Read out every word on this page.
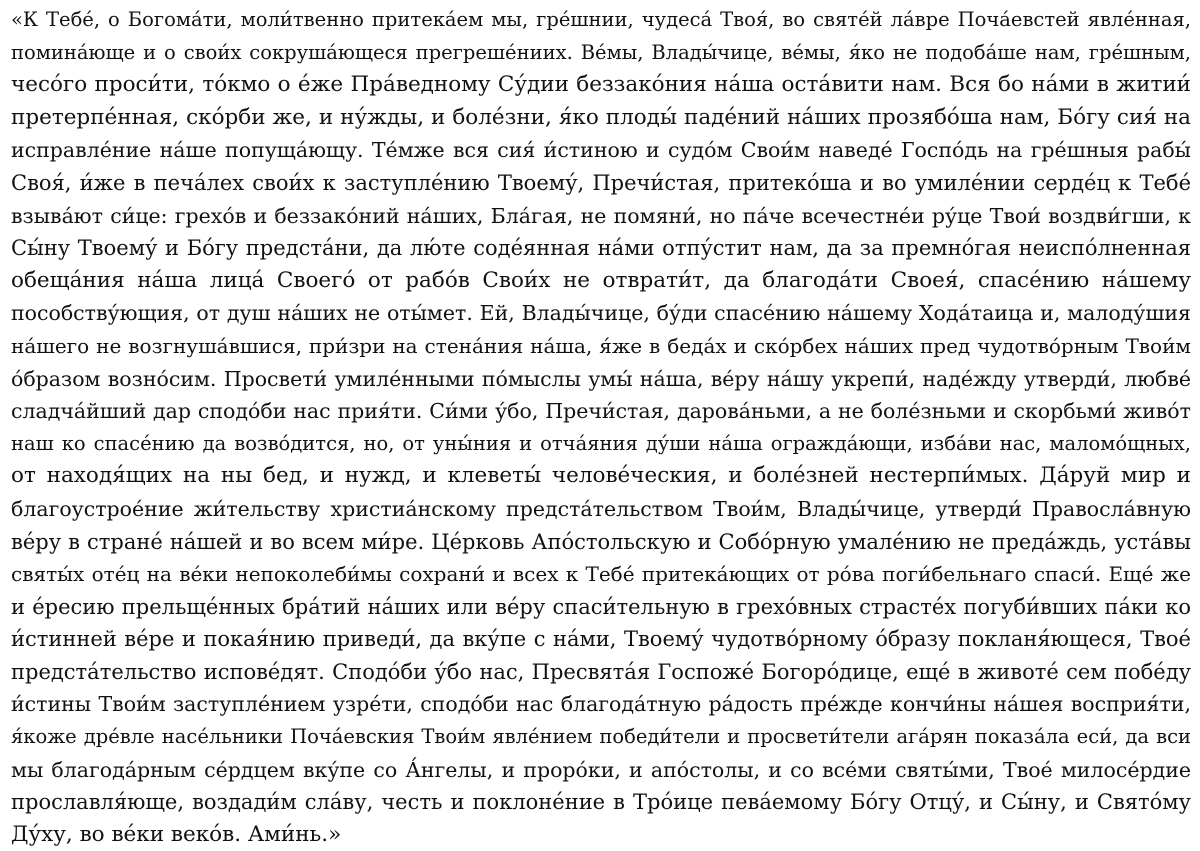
«К Тебе́, о Богома́ти, моли́твенно притека́ем мы, гре́шнии, чудеса́ Твоя́, во святе́й ла́вре Поча́евстей явле́нная,
помина́юще и о свои́х сокруша́ющеся прегреше́ниих. Ве́мы, Влады́чице, ве́мы, я́ко не подоба́ше нам, гре́шным,
чесо́го проси́ти, то́кмо о е́же Пра́ведному Су́дии беззако́ния на́ша оста́вити нам. Вся бо на́ми в житии́
претерпе́нная, ско́рби же, и ну́жды, и боле́зни, я́ко плоды́ паде́ний на́ших прозябо́ша нам, Бо́гу сия́ на
исправле́ние на́ше попуща́ющу. Те́мже вся сия́ и́стиною и судо́м Свои́м наведе́ Госпо́дь на гре́шныя рабы́
Своя́, и́же в печа́лех свои́х к заступле́нию Твоему́, Пречи́стая, притеко́ша и во умиле́нии серде́ц к Тебе́
взыва́ют си́це: грехо́в и беззако́ний на́ших, Бла́гая, не помяни́, но па́че всечестне́и ру́це Твои́ воздви́гши, к
Сы́ну Твоему́ и Бо́гу предста́ни, да лю́те соде́янная на́ми отпу́стит нам, да за премно́гая неиспо́лненная
обеща́ния на́ша лица́ Своего́ от рабо́в Свои́х не отврати́т, да благода́ти Своея́, спасе́нию на́шему
пособству́ющия, от душ на́ших не оты́мет. Ей, Влады́чице, бу́ди спасе́нию на́шему Хода́таица и, малоду́шия
на́шего не возгнуша́вшися, при́зри на стена́ния на́ша, я́же в беда́х и ско́рбех на́ших пред чудотво́рным Твои́м
о́бразом возно́сим. Просвети́ умиле́нными по́мыслы умы́ на́ша, ве́ру на́шу укрепи́, наде́жду утверди́, любве́
сладча́йший дар сподо́би нас прия́ти. Си́ми у́бо, Пречи́стая, дарова́ньми, а не боле́зньми и скорбьми́ живо́т
наш ко спасе́нию да возво́дится, но, от уны́ния и отча́яния ду́ши на́ша огражда́ющи, изба́ви нас, маломо́щных,
от находя́щих на ны бед, и нужд, и клеветы́ челове́ческия, и боле́зней нестерпи́мых. Да́руй мир и
благоустрое́ние жи́тельству христиа́нскому предста́тельством Твои́м, Влады́чице, утверди́ Правосла́вную
ве́ру в стране́ на́шей и во всем ми́ре. Це́рковь Апо́стольскую и Собо́рную умале́нию не преда́ждь, уста́вы
святы́х оте́ц на ве́ки непоколеби́мы сохрани́ и всех к Тебе́ притека́ющих от ро́ва поги́бельнаго спаси́. Еще́ же
и е́ресию прельще́нных бра́тий на́ших или ве́ру спаси́тельную в грехо́вных страсте́х погуби́вших па́ки ко
и́стинней ве́ре и покая́нию приведи́, да вку́пе с на́ми, Твоему́ чудотво́рному о́бразу покланя́ющеся, Твое́
предста́тельство испове́дят. Сподо́би у́бо нас, Пресвята́я Госпоже́ Богоро́дице, еще́ в животе́ сем побе́ду
и́стины Твои́м заступле́нием узре́ти, сподо́би нас благода́тную ра́дость пре́жде кончи́ны на́шея восприя́ти,
я́коже дре́вле насе́льники Поча́евския Твои́м явле́нием победи́тели и просвети́тели ага́рян показа́ла еси́, да вси
мы благода́рным се́рдцем вку́пе со А́нгелы, и проро́ки, и апо́столы, и со все́ми святы́ми, Твое́ милосе́рдие
прославля́юще, воздади́м сла́ву, честь и поклоне́ние в Тро́ице пева́емому Бо́гу Отцу́, и Сы́ну, и Свято́му
Ду́ху, во ве́ки веко́в. Ами́нь.»
